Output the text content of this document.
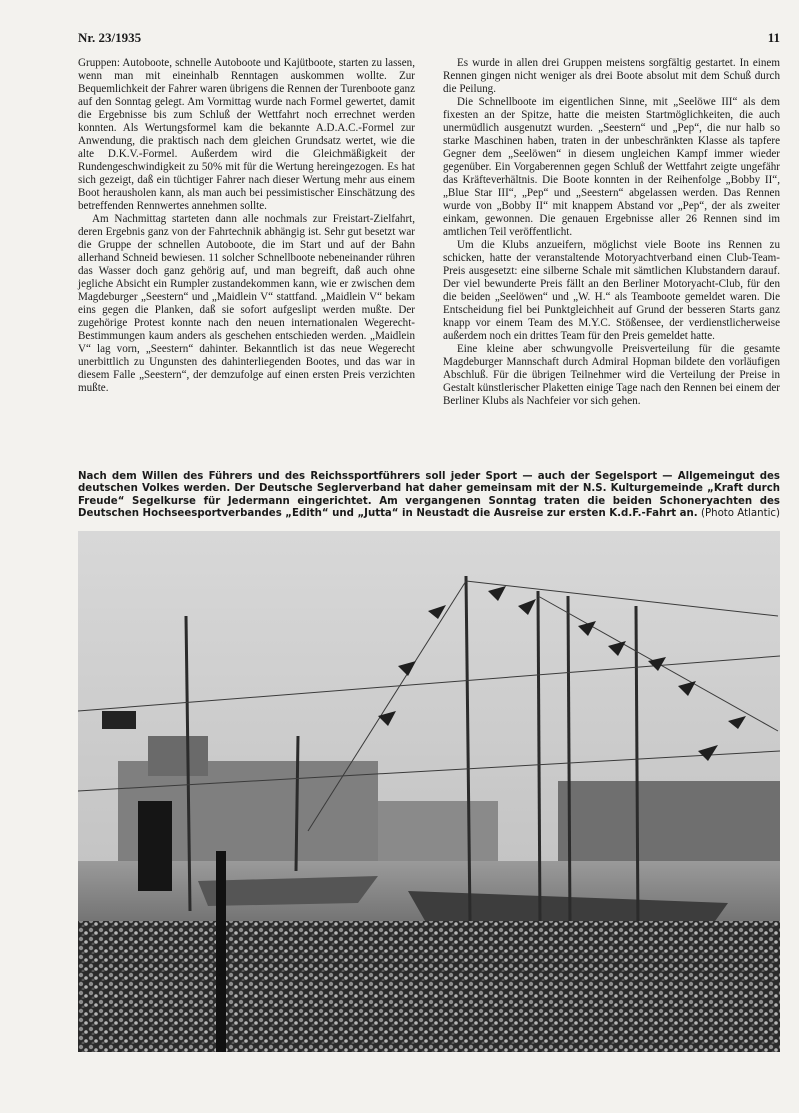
Nr. 23/1935	11

Gruppen: Autoboote, schnelle Autoboote und Kajütboote, starten zu lassen, wenn man mit eineinhalb Renntagen auskommen wollte. Zur Bequemlichkeit der Fahrer waren übrigens die Rennen der Turenboote ganz auf den Sonntag gelegt. Am Vormittag wurde nach Formel gewertet, damit die Ergebnisse bis zum Schluß der Wettfahrt noch errechnet werden konnten. Als Wertungsformel kam die bekannte A.D.A.C.-Formel zur Anwendung, die praktisch nach dem gleichen Grundsatz wertet, wie die alte D.K.V.-Formel. Außerdem wird die Gleichmäßigkeit der Rundengeschwindigkeit zu 50% mit für die Wertung hereingezogen. Es hat sich gezeigt, daß ein tüchtiger Fahrer nach dieser Wertung mehr aus einem Boot herausholen kann, als man auch bei pessimistischer Einschätzung des betreffenden Rennwertes annehmen sollte.

Am Nachmittag starteten dann alle nochmals zur Freistart-Zielfahrt, deren Ergebnis ganz von der Fahrtechnik abhängig ist. Sehr gut besetzt war die Gruppe der schnellen Autoboote, die im Start und auf der Bahn allerhand Schneid bewiesen. 11 solcher Schnellboote nebeneinander rühren das Wasser doch ganz gehörig auf, und man begreift, daß auch ohne jegliche Absicht ein Rumpler zustandekommen kann, wie er zwischen dem Magdeburger „Seestern“ und „Maidlein V“ stattfand. „Maidlein V“ bekam eins gegen die Planken, daß sie sofort aufgeslipt werden mußte. Der zugehörige Protest konnte nach den neuen internationalen Wegerecht-Bestimmungen kaum anders als geschehen entschieden werden. „Maidlein V“ lag vorn, „Seestern“ dahinter. Bekanntlich ist das neue Wegerecht unerbittlich zu Ungunsten des dahinterliegenden Bootes, und das war in diesem Falle „Seestern“, der demzufolge auf einen ersten Preis verzichten mußte.

Es wurde in allen drei Gruppen meistens sorgfältig gestartet. In einem Rennen gingen nicht weniger als drei Boote absolut mit dem Schuß durch die Peilung.

Die Schnellboote im eigentlichen Sinne, mit „Seelöwe III“ als dem fixesten an der Spitze, hatte die meisten Startmöglichkeiten, die auch unermüdlich ausgenutzt wurden. „Seestern“ und „Pep“, die nur halb so starke Maschinen haben, traten in der unbeschränkten Klasse als tapfere Gegner dem „Seelöwen“ in diesem ungleichen Kampf immer wieder gegenüber. Ein Vorgaberennen gegen Schluß der Wettfahrt zeigte ungefähr das Kräfteverhältnis. Die Boote konnten in der Reihenfolge „Bobby II“, „Blue Star III“, „Pep“ und „Seestern“ abgelassen werden. Das Rennen wurde von „Bobby II“ mit knappem Abstand vor „Pep“, der als zweiter einkam, gewonnen. Die genauen Ergebnisse aller 26 Rennen sind im amtlichen Teil veröffentlicht.

Um die Klubs anzueifern, möglichst viele Boote ins Rennen zu schicken, hatte der veranstaltende Motoryachtverband einen Club-Team-Preis ausgesetzt: eine silberne Schale mit sämtlichen Klubstandern darauf. Der viel bewunderte Preis fällt an den Berliner Motoryacht-Club, für den die beiden „Seelöwen“ und „W. H.“ als Teamboote gemeldet waren. Die Entscheidung fiel bei Punktgleichheit auf Grund der besseren Starts ganz knapp vor einem Team des M.Y.C. Stößensee, der verdienstlicherweise außerdem noch ein drittes Team für den Preis gemeldet hatte.

Eine kleine aber schwungvolle Preisverteilung für die gesamte Magdeburger Mannschaft durch Admiral Hopman bildete den vorläufigen Abschluß. Für die übrigen Teilnehmer wird die Verteilung der Preise in Gestalt künstlerischer Plaketten einige Tage nach den Rennen bei einem der Berliner Klubs als Nachfeier vor sich gehen.

Nach dem Willen des Führers und des Reichssportführers soll jeder Sport — auch der Segelsport — Allgemeingut des deutschen Volkes werden. Der Deutsche Seglerverband hat daher gemeinsam mit der N.S. Kulturgemeinde „Kraft durch Freude“ Segelkurse für Jedermann eingerichtet. Am vergangenen Sonntag traten die beiden Schoneryachten des Deutschen Hochseesportverbandes „Edith“ und „Jutta“ in Neustadt die Ausreise zur ersten K.d.F.-Fahrt an. (Photo Atlantic)
